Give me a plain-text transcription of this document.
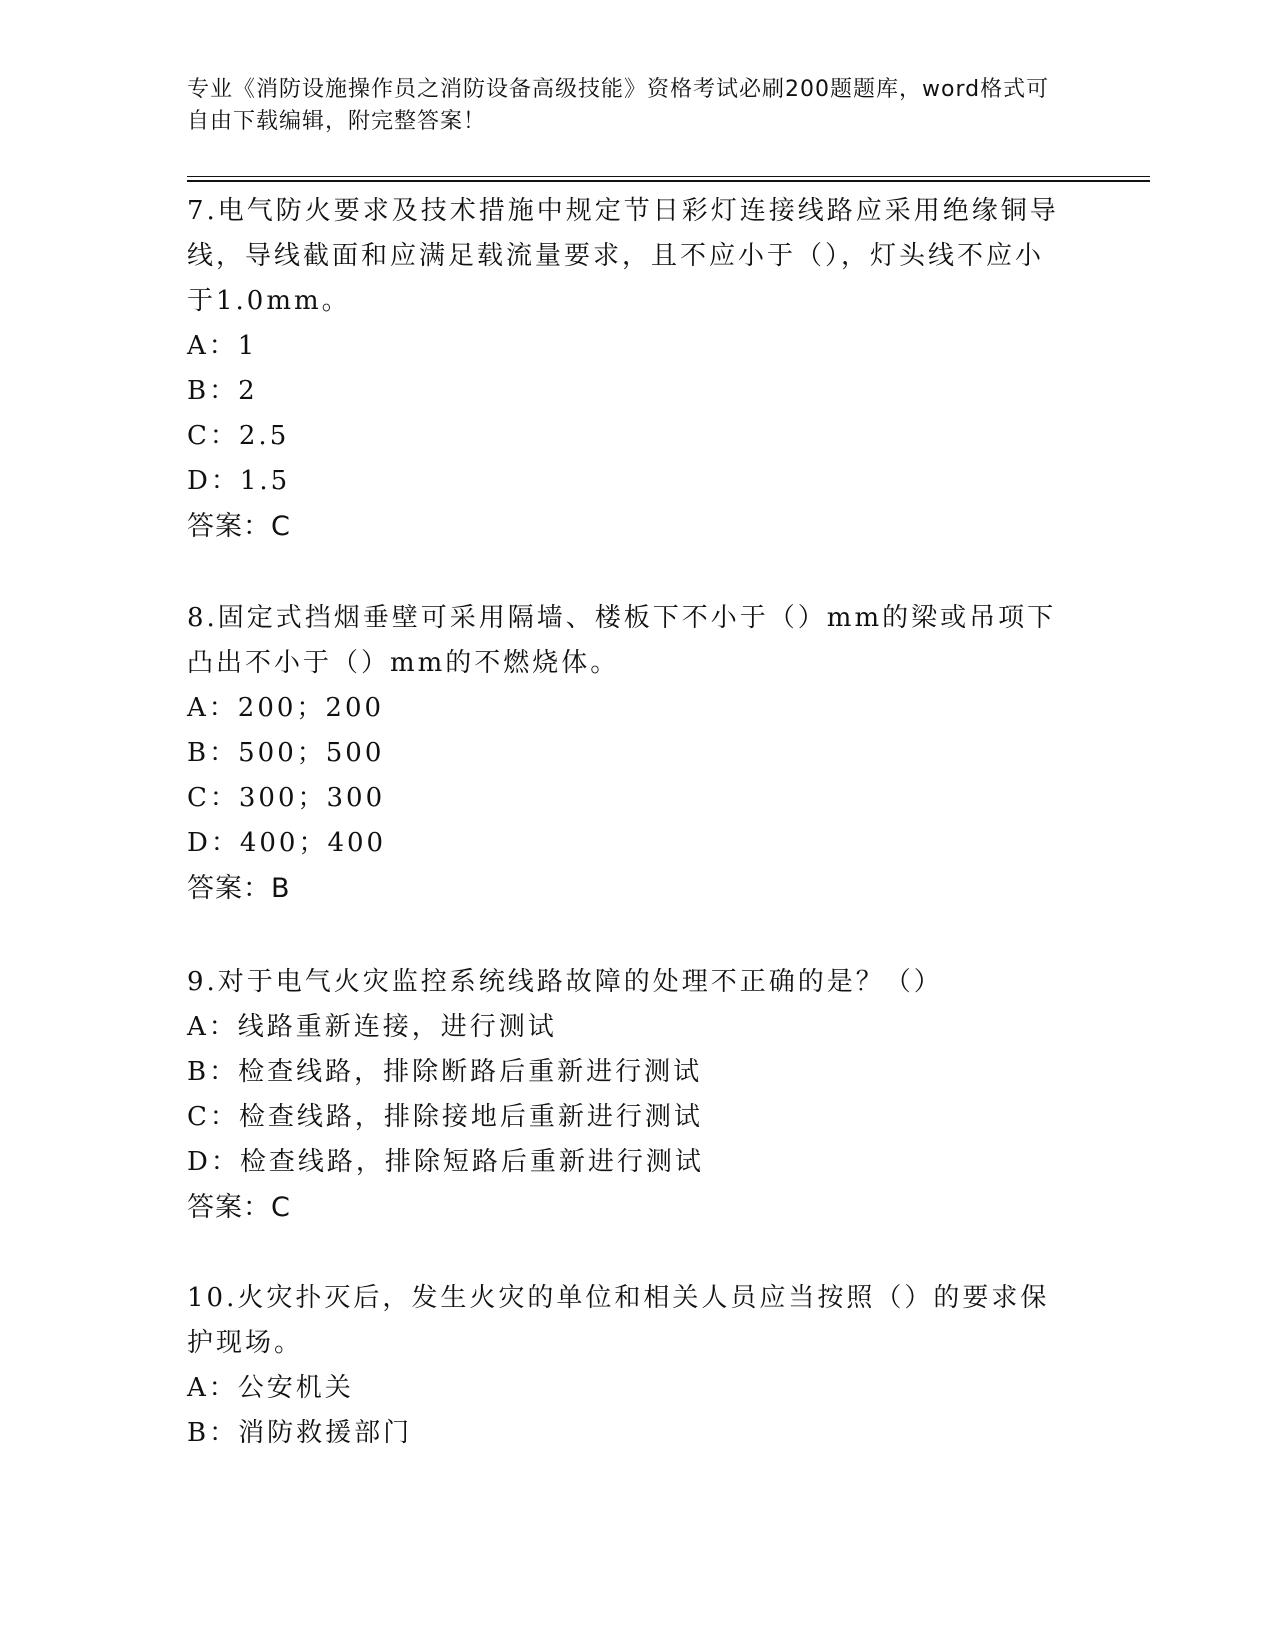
专业《消防设施操作员之消防设备高级技能》资格考试必刷200题题库，word格式可自由下载编辑，附完整答案！

7.电气防火要求及技术措施中规定节日彩灯连接线路应采用绝缘铜导线，导线截面和应满足载流量要求，且不应小于（），灯头线不应小于1.0mm。

A：1

B：2

C：2.5

D：1.5

答案：C

8.固定式挡烟垂壁可采用隔墙、楼板下不小于（）mm的梁或吊项下凸出不小于（）mm的不燃烧体。

A：200；200

B：500；500

C：300；300

D：400；400

答案：B

9.对于电气火灾监控系统线路故障的处理不正确的是？（）

A：线路重新连接，进行测试

B：检查线路，排除断路后重新进行测试

C：检查线路，排除接地后重新进行测试

D：检查线路，排除短路后重新进行测试

答案：C

10.火灾扑灭后，发生火灾的单位和相关人员应当按照（）的要求保护现场。

A：公安机关

B：消防救援部门
